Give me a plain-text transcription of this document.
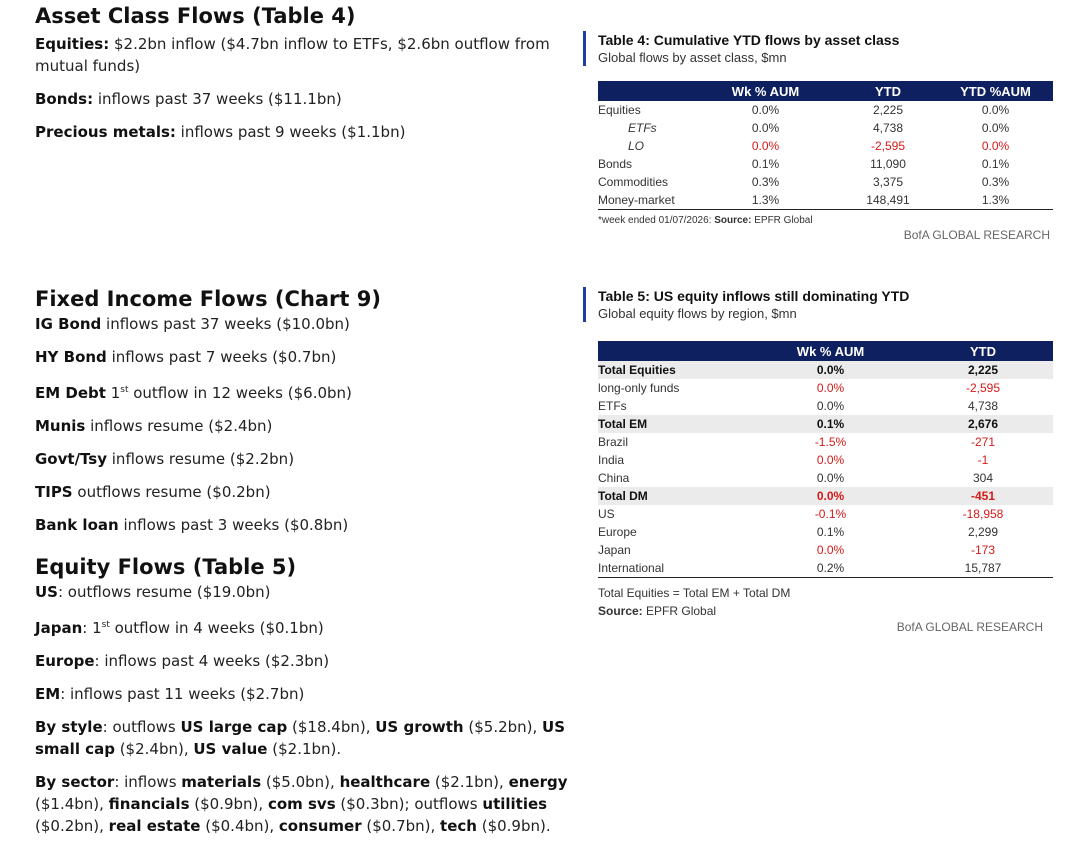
Asset Class Flows (Table 4)

Equities: $2.2bn inflow ($4.7bn inflow to ETFs, $2.6bn outflow from mutual funds)

Bonds: inflows past 37 weeks ($11.1bn)

Precious metals: inflows past 9 weeks ($1.1bn)

Fixed Income Flows (Chart 9)

IG Bond inflows past 37 weeks ($10.0bn)

HY Bond inflows past 7 weeks ($0.7bn)

EM Debt 1st outflow in 12 weeks ($6.0bn)

Munis inflows resume ($2.4bn)

Govt/Tsy inflows resume ($2.2bn)

TIPS outflows resume ($0.2bn)

Bank loan inflows past 3 weeks ($0.8bn)

Equity Flows (Table 5)

US: outflows resume ($19.0bn)

Japan: 1st outflow in 4 weeks ($0.1bn)

Europe: inflows past 4 weeks ($2.3bn)

EM: inflows past 11 weeks ($2.7bn)

By style: outflows US large cap ($18.4bn), US growth ($5.2bn), US small cap ($2.4bn), US value ($2.1bn).

By sector: inflows materials ($5.0bn), healthcare ($2.1bn), energy ($1.4bn), financials ($0.9bn), com svs ($0.3bn); outflows utilities ($0.2bn), real estate ($0.4bn), consumer ($0.7bn), tech ($0.9bn).

Table 4: Cumulative YTD flows by asset class
Global flows by asset class, $mn
	Wk % AUM	YTD	YTD %AUM
Equities	0.0%	2,225	0.0%
ETFs	0.0%	4,738	0.0%
LO	0.0%	-2,595	0.0%
Bonds	0.1%	11,090	0.1%
Commodities	0.3%	3,375	0.3%
Money-market	1.3%	148,491	1.3%
*week ended 01/07/2026: Source: EPFR Global
BofA GLOBAL RESEARCH
Table 5: US equity inflows still dominating YTD
Global equity flows by region, $mn
	Wk % AUM	YTD
Total Equities	0.0%	2,225
long-only funds	0.0%	-2,595
ETFs	0.0%	4,738
Total EM	0.1%	2,676
Brazil	-1.5%	-271
India	0.0%	-1
China	0.0%	304
Total DM	0.0%	-451
US	-0.1%	-18,958
Europe	0.1%	2,299
Japan	0.0%	-173
International	0.2%	15,787
Total Equities = Total EM + Total DM
Source: EPFR Global
BofA GLOBAL RESEARCH
